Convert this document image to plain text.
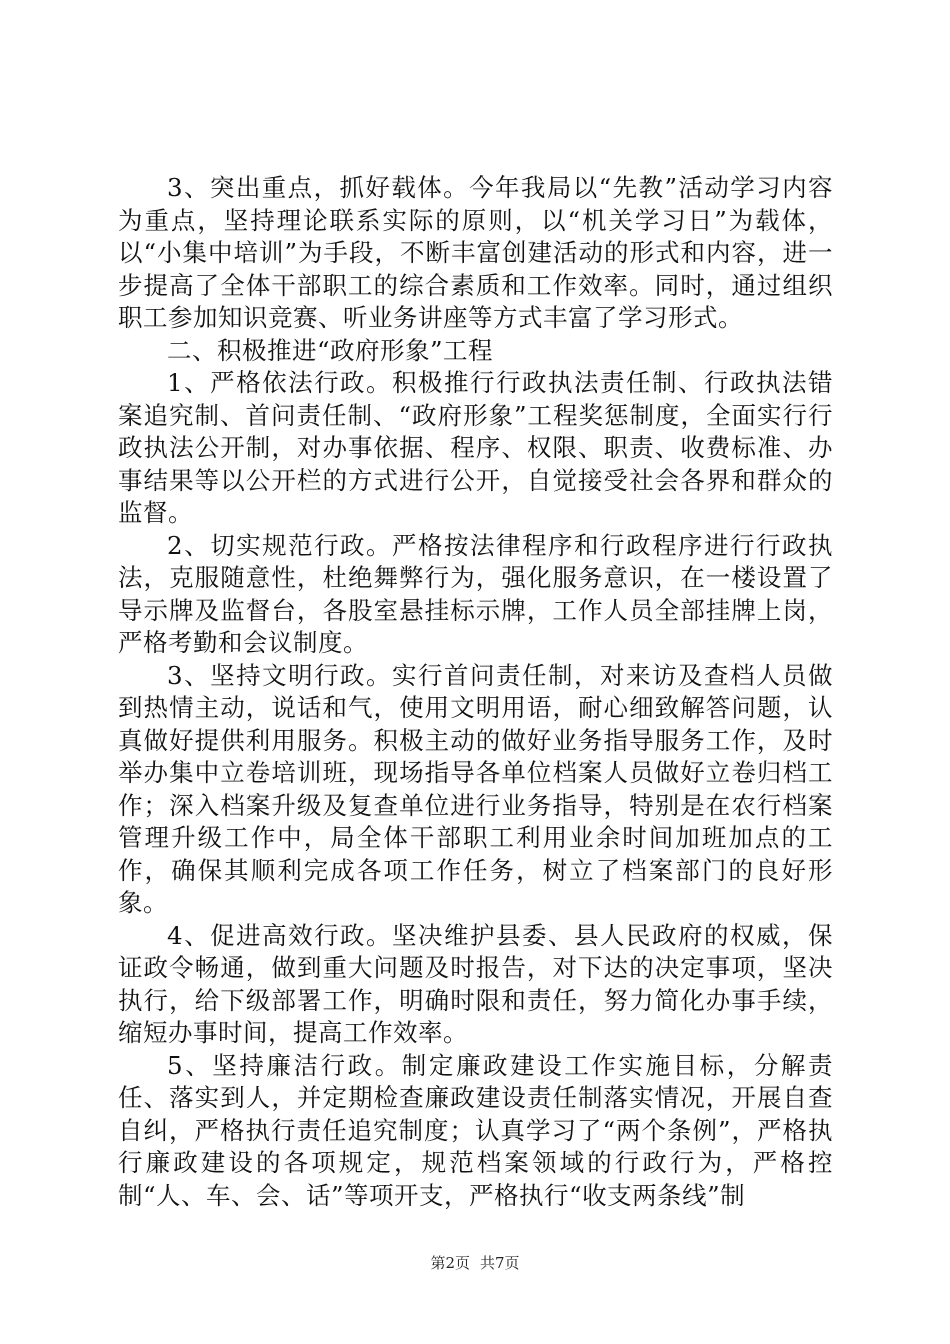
3、突出重点，抓好载体。今年我局以“先教”活动学习内容为重点，坚持理论联系实际的原则，以“机关学习日”为载体，以“小集中培训”为手段，不断丰富创建活动的形式和内容，进一步提高了全体干部职工的综合素质和工作效率。同时，通过组织职工参加知识竞赛、听业务讲座等方式丰富了学习形式。

二、积极推进“政府形象”工程

1、严格依法行政。积极推行行政执法责任制、行政执法错案追究制、首问责任制、“政府形象”工程奖惩制度，全面实行行政执法公开制，对办事依据、程序、权限、职责、收费标准、办事结果等以公开栏的方式进行公开，自觉接受社会各界和群众的监督。

2、切实规范行政。严格按法律程序和行政程序进行行政执法，克服随意性，杜绝舞弊行为，强化服务意识，在一楼设置了导示牌及监督台，各股室悬挂标示牌，工作人员全部挂牌上岗，严格考勤和会议制度。

3、坚持文明行政。实行首问责任制，对来访及查档人员做到热情主动，说话和气，使用文明用语，耐心细致解答问题，认真做好提供利用服务。积极主动的做好业务指导服务工作，及时举办集中立卷培训班，现场指导各单位档案人员做好立卷归档工作；深入档案升级及复查单位进行业务指导，特别是在农行档案管理升级工作中，局全体干部职工利用业余时间加班加点的工作，确保其顺利完成各项工作任务，树立了档案部门的良好形象。

4、促进高效行政。坚决维护县委、县人民政府的权威，保证政令畅通，做到重大问题及时报告，对下达的决定事项，坚决执行，给下级部署工作，明确时限和责任，努力简化办事手续，缩短办事时间，提高工作效率。

5、坚持廉洁行政。制定廉政建设工作实施目标，分解责任、落实到人，并定期检查廉政建设责任制落实情况，开展自查自纠，严格执行责任追究制度；认真学习了“两个条例”，严格执行廉政建设的各项规定，规范档案领域的行政行为，严格控制“人、车、会、话”等项开支，严格执行“收支两条线”制

第2页 共7页
